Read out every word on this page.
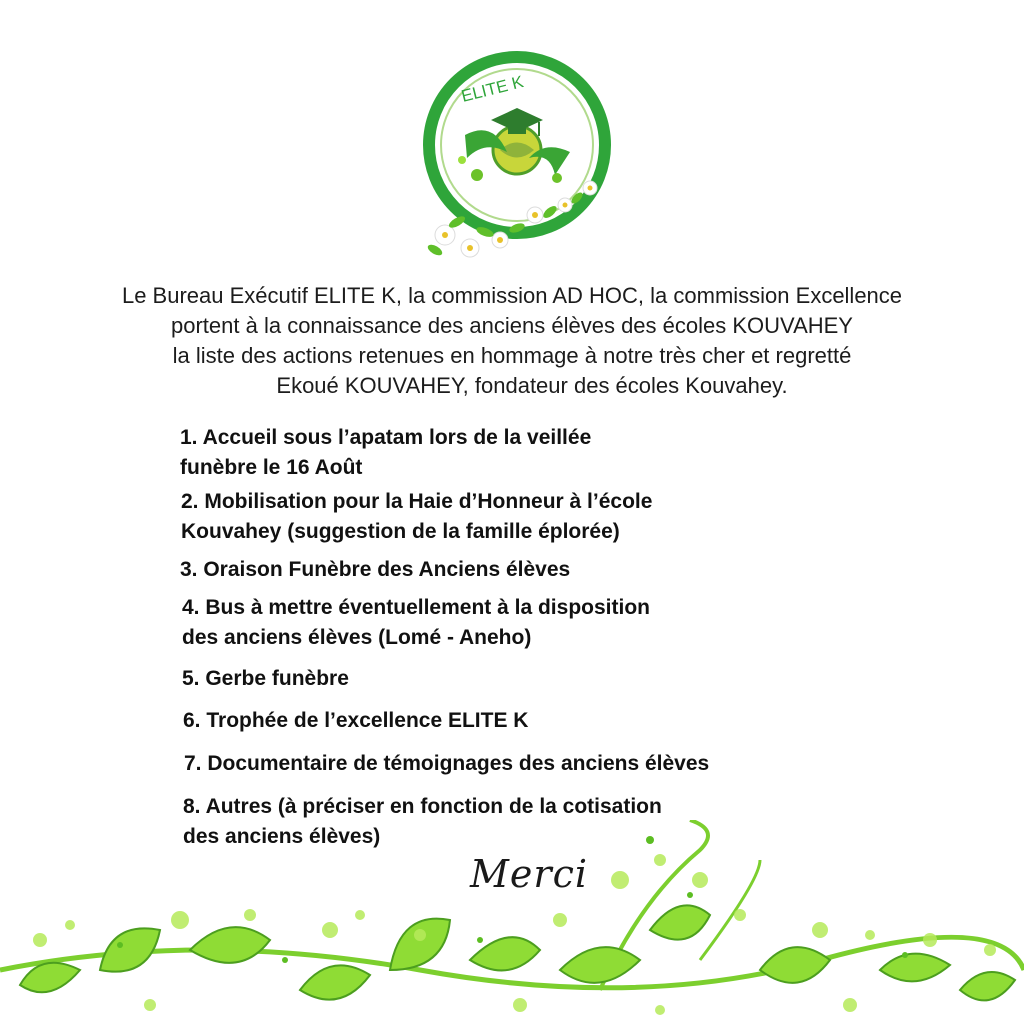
ELITE K
Le Bureau Exécutif ELITE K, la commission AD HOC, la commission Excellence
portent à la connaissance des anciens élèves des écoles KOUVAHEY
la liste des actions retenues en hommage à notre très cher et regretté
Ekoué KOUVAHEY, fondateur des écoles Kouvahey.
1. Accueil sous l’apatam lors de la veillée
funèbre le 16 Août
2. Mobilisation pour la Haie d’Honneur à l’école
Kouvahey (suggestion de la famille éplorée)
3. Oraison Funèbre des Anciens élèves
4. Bus à mettre éventuellement à la disposition
des anciens élèves (Lomé - Aneho)
5. Gerbe funèbre
6. Trophée de l’excellence ELITE K
7. Documentaire de témoignages des anciens élèves
8. Autres (à préciser en fonction de la cotisation
des anciens élèves)
Merci
